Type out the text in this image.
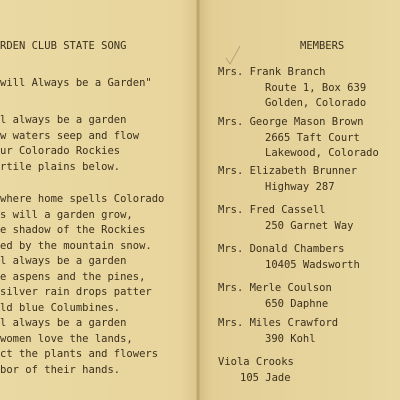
RDEN CLUB STATE SONG
will Always be a Garden"
l always be a garden
w waters seep and flow
ur Colorado Rockies
rtile plains below.
where home spells Colorado
s will a garden grow,
e shadow of the Rockies
ed by the mountain snow.
l always be a garden
e aspens and the pines,
silver rain drops patter
ld blue Columbines.
l always be a garden
women love the lands,
ct the plants and flowers
bor of their hands.
MEMBERS
Mrs. Frank Branch
Route 1, Box 639
Golden, Colorado
Mrs. George Mason Brown
2665 Taft Court
Lakewood, Colorado
Mrs. Elizabeth Brunner
Highway 287
Mrs. Fred Cassell
250 Garnet Way
Mrs. Donald Chambers
10405 Wadsworth
Mrs. Merle Coulson
650 Daphne
Mrs. Miles Crawford
390 Kohl
Viola Crooks
105 Jade
